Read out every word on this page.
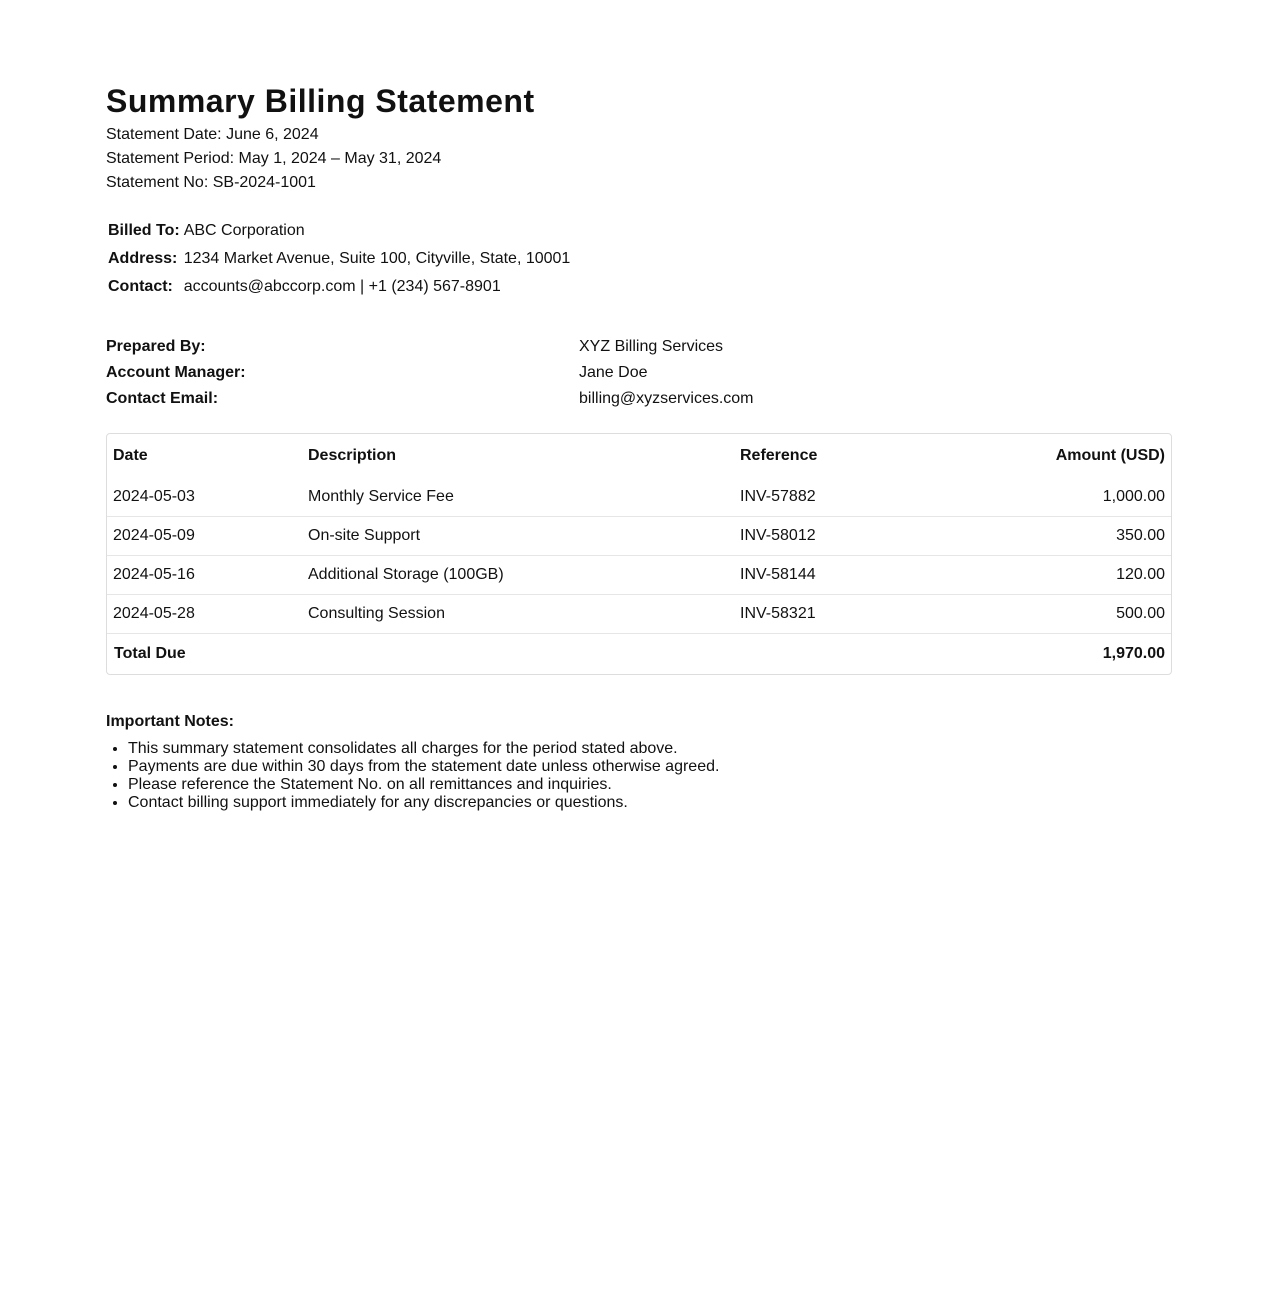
Summary Billing Statement
Statement Date: June 6, 2024
Statement Period: May 1, 2024 – May 31, 2024
Statement No: SB-2024-1001
Billed To:	ABC Corporation
Address:	1234 Market Avenue, Suite 100, Cityville, State, 10001
Contact:	accounts@abccorp.com | +1 (234) 567-8901
Prepared By:	XYZ Billing Services
Account Manager:	Jane Doe
Contact Email:	billing@xyzservices.com
Date	Description	Reference	Amount (USD)
2024-05-03	Monthly Service Fee	INV-57882	1,000.00
2024-05-09	On-site Support	INV-58012	350.00
2024-05-16	Additional Storage (100GB)	INV-58144	120.00
2024-05-28	Consulting Session	INV-58321	500.00
Total Due			1,970.00
Important Notes:
• This summary statement consolidates all charges for the period stated above.
• Payments are due within 30 days from the statement date unless otherwise agreed.
• Please reference the Statement No. on all remittances and inquiries.
• Contact billing support immediately for any discrepancies or questions.
